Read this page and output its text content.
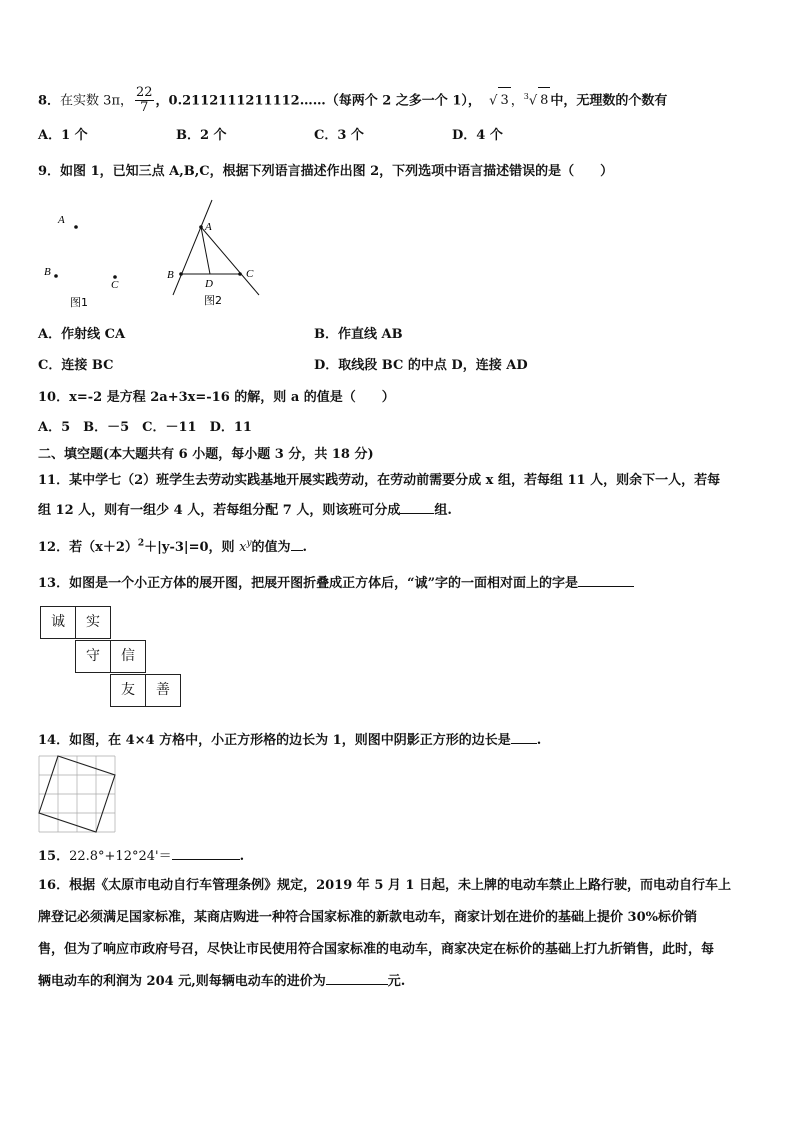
8．在实数 3π， $\frac{22}{7}$ ，0.2112111211112……（每两个 2 之多一个 1）， √ 3 ，$^3$√ 8 中，无理数的个数有
A．1 个	B．2 个	C．3 个	D．4 个
9．如图 1，已知三点 A,B,C，根据下列语言描述作出图 2，下列选项中语言描述错误的是（　　）
A
B
C
图1
A
B	C
D
图2
A．作射线 CA	B．作直线 AB
C．连接 BC	D．取线段 BC 的中点 D，连接 AD
10．x=-2 是方程 2a+3x=-16 的解，则 a 的值是（　　）
A．5　B．－5　C．－11　D．11
二、填空题(本大题共有 6 小题，每小题 3 分，共 18 分)
11．某中学七（2）班学生去劳动实践基地开展实践劳动，在劳动前需要分成 x 组，若每组 11 人，则余下一人，若每
组 12 人，则有一组少 4 人，若每组分配 7 人，则该班可分成	组.
12．若$(x+2)^2+|y-3|=0$，则 $x^y$的值为 .
13．如图是一个小正方体的展开图，把展开图折叠成正方体后，“诚”字的一面相对面上的字是
诚	实
守	信
友	善
14．如图，在 4×4 方格中，小正方形格的边长为 1，则图中阴影正方形的边长是 .
15．22.8°+12°24'＝	.
16．根据《太原市电动自行车管理条例》规定，2019 年 5 月 1 日起，未上牌的电动车禁止上路行驶，而电动自行车上
牌登记必须满足国家标准，某商店购进一种符合国家标准的新款电动车，商家计划在进价的基础上提价 30%标价销
售，但为了响应市政府号召，尽快让市民使用符合国家标准的电动车，商家决定在标价的基础上打九折销售，此时，每
辆电动车的利润为 204 元,则每辆电动车的进价为	元.
